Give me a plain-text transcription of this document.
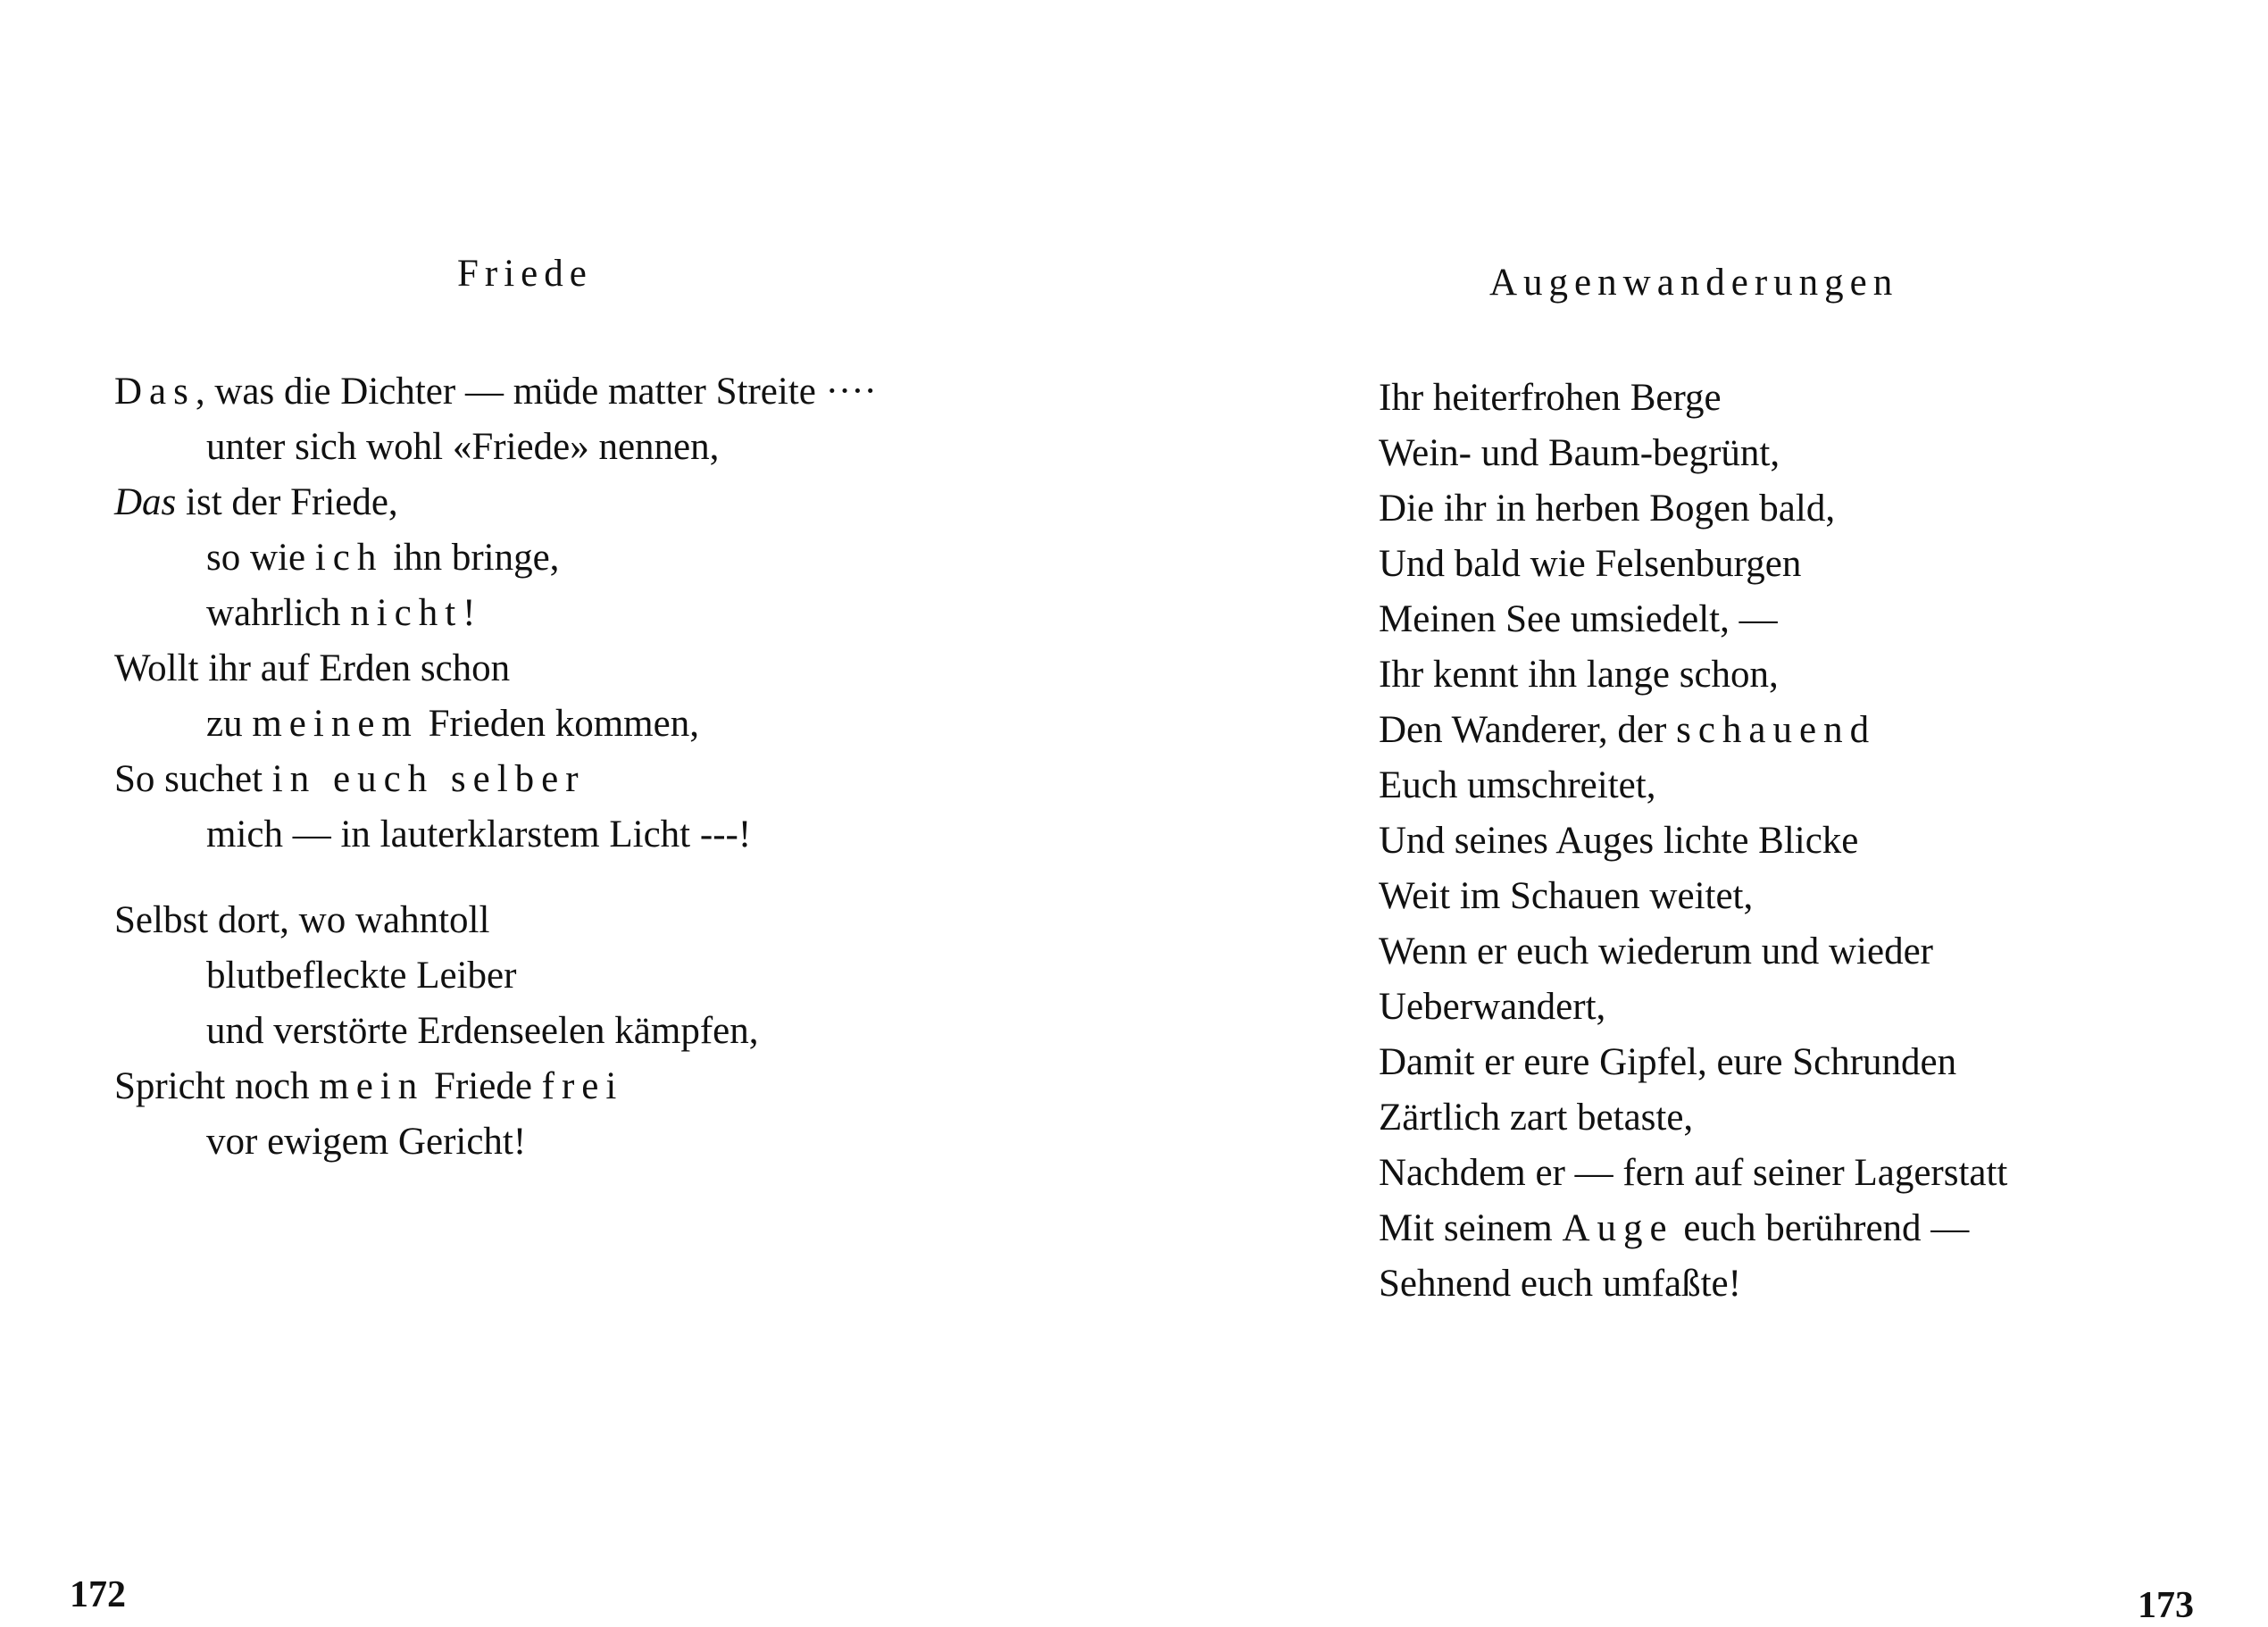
Friede
Das, was die Dichter — müde matter Streite ····
unter sich wohl «Friede» nennen,
Das ist der Friede,
so wie ich ihn bringe,
wahrlich nicht!
Wollt ihr auf Erden schon
zu meinem Frieden kommen,
So suchet in euch selber
mich — in lauterklarstem Licht ---!
Selbst dort, wo wahntoll
blutbefleckte Leiber
und verstörte Erdenseelen kämpfen,
Spricht noch mein Friede frei
vor ewigem Gericht!
172
Augenwanderungen
Ihr heiterfrohen Berge
Wein- und Baum-begrünt,
Die ihr in herben Bogen bald,
Und bald wie Felsenburgen
Meinen See umsiedelt, —
Ihr kennt ihn lange schon,
Den Wanderer, der schauend
Euch umschreitet,
Und seines Auges lichte Blicke
Weit im Schauen weitet,
Wenn er euch wiederum und wieder
Ueberwandert,
Damit er eure Gipfel, eure Schrunden
Zärtlich zart betaste,
Nachdem er — fern auf seiner Lagerstatt
Mit seinem Auge euch berührend —
Sehnend euch umfaßte!
173
